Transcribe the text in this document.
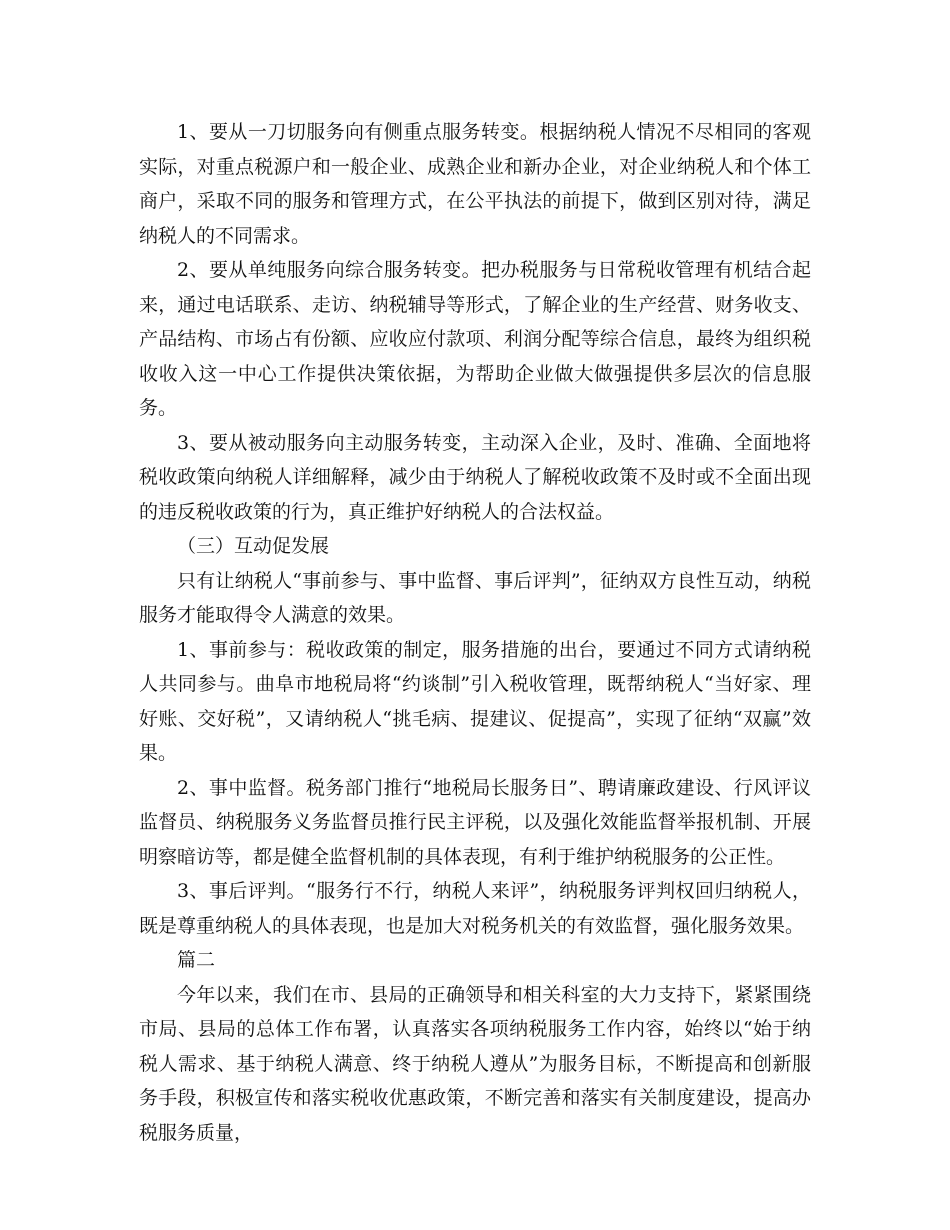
1、要从一刀切服务向有侧重点服务转变。根据纳税人情况不尽相同的客观实际，对重点税源户和一般企业、成熟企业和新办企业，对企业纳税人和个体工商户，采取不同的服务和管理方式，在公平执法的前提下，做到区别对待，满足纳税人的不同需求。

2、要从单纯服务向综合服务转变。把办税服务与日常税收管理有机结合起来，通过电话联系、走访、纳税辅导等形式，了解企业的生产经营、财务收支、产品结构、市场占有份额、应收应付款项、利润分配等综合信息，最终为组织税收收入这一中心工作提供决策依据，为帮助企业做大做强提供多层次的信息服务。

3、要从被动服务向主动服务转变，主动深入企业，及时、准确、全面地将税收政策向纳税人详细解释，减少由于纳税人了解税收政策不及时或不全面出现的违反税收政策的行为，真正维护好纳税人的合法权益。

（三）互动促发展

只有让纳税人“事前参与、事中监督、事后评判”，征纳双方良性互动，纳税服务才能取得令人满意的效果。

1、事前参与：税收政策的制定，服务措施的出台，要通过不同方式请纳税人共同参与。曲阜市地税局将“约谈制”引入税收管理，既帮纳税人“当好家、理好账、交好税”，又请纳税人“挑毛病、提建议、促提高”，实现了征纳“双赢”效果。

2、事中监督。税务部门推行“地税局长服务日”、聘请廉政建设、行风评议监督员、纳税服务义务监督员推行民主评税，以及强化效能监督举报机制、开展明察暗访等，都是健全监督机制的具体表现，有利于维护纳税服务的公正性。

3、事后评判。“服务行不行，纳税人来评”，纳税服务评判权回归纳税人，既是尊重纳税人的具体表现，也是加大对税务机关的有效监督，强化服务效果。

篇二

今年以来，我们在市、县局的正确领导和相关科室的大力支持下，紧紧围绕市局、县局的总体工作布署，认真落实各项纳税服务工作内容，始终以“始于纳税人需求、基于纳税人满意、终于纳税人遵从”为服务目标，不断提高和创新服务手段，积极宣传和落实税收优惠政策，不断完善和落实有关制度建设，提高办税服务质量，
